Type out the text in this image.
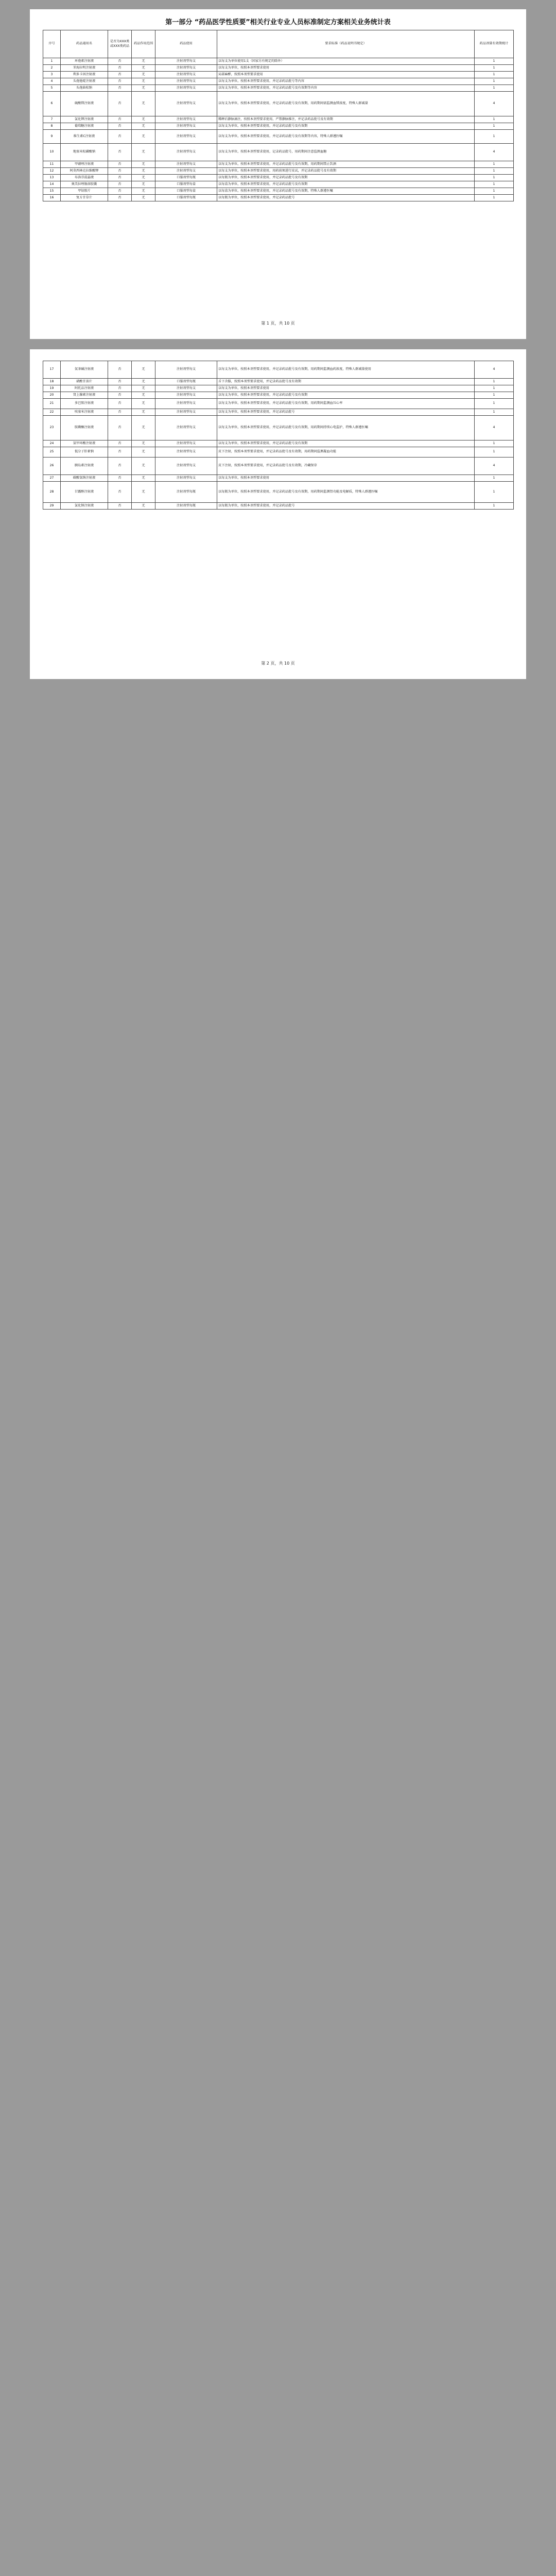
第一部分 “药品医学性质要”相关行业专业人员标准制定方案相关业务统计表
序号	药品通用名	是否为XXX类或XXX类药品	药品作用范围	药品使用	要求标准（药品说明书规定）	药品剂量有效期统计
1	环孢素注射液	否	无	注射剂型每支	以每支为单位使用1支（国家另有规定的除外）	1
2	苯海拉明注射液	否	无	注射剂型每支	以每支为单位，按照本剂型要求使用	1
3	利多卡因注射液	否	无	注射剂型每支	局部麻醉，按照本剂型要求使用	1
4	头孢他啶注射液	否	无	注射剂型每支	以每支为单位，按照本剂型要求使用，并记录药品批号等内容	1
5	头孢曲松钠	否	无	注射剂型每支	以每支为单位，按照本剂型要求使用，并记录药品批号及有效期等内容	1
6	硫酸镁注射液	否	无	注射剂型每支	以每支为单位，按照本剂型要求使用，并记录药品批号及有效期，用药期间需监测血镁浓度，特殊人群减量	4
7	氯化钾注射液	否	无	注射剂型每支	稀释后静脉滴注，按照本剂型要求使用，严禁静脉推注，并记录药品批号及有效期	1
8	葡萄糖注射液	否	无	注射剂型每支	以每支为单位，按照本剂型要求使用，并记录药品批号及有效期	1
9	维生素C注射液	否	无	注射剂型每支	以每支为单位，按照本剂型要求使用，并记录药品批号及有效期等内容，特殊人群遵医嘱	1
10	地塞米松磷酸钠	否	无	注射剂型每支	以每支为单位，按照本剂型要求使用，记录药品批号，用药期间注意监测血糖	4
11	甲硝唑注射液	否	无	注射剂型每支	以每支为单位，按照本剂型要求使用，并记录药品批号及有效期，用药期间禁止饮酒	1
12	阿莫西林克拉维酸钾	否	无	注射剂型每支	以每支为单位，按照本剂型要求使用，用药前须进行皮试，并记录药品批号及有效期	1
13	布洛芬混悬液	否	无	口服剂型每瓶	以每瓶为单位，按照本剂型要求使用，并记录药品批号及有效期	1
14	奥美拉唑肠溶胶囊	否	无	口服剂型每盒	以每盒为单位，按照本剂型要求使用，并记录药品批号及有效期	1
15	甲钴胺片	否	无	口服剂型每盒	以每盒为单位，按照本剂型要求使用，并记录药品批号及有效期，特殊人群遵医嘱	1
16	复方甘草片	否	无	口服剂型每瓶	以每瓶为单位，按照本剂型要求使用，并记录药品批号	1
第 1 页，共 10 页
17	氨茶碱注射液	否	无	注射剂型每支	以每支为单位，按照本剂型要求使用，并记录药品批号及有效期，用药期间监测血药浓度，特殊人群减量使用	4
18	硝酸甘油片	否	无	口服剂型每瓶	舌下含服，按照本剂型要求使用，并记录药品批号及有效期	1
19	阿托品注射液	否	无	注射剂型每支	以每支为单位，按照本剂型要求使用	1
20	肾上腺素注射液	否	无	注射剂型每支	以每支为单位，按照本剂型要求使用，并记录药品批号及有效期	1
21	多巴胺注射液	否	无	注射剂型每支	以每支为单位，按照本剂型要求使用，并记录药品批号及有效期，用药期间监测血压心率	1
22	呋塞米注射液	否	无	注射剂型每支	以每支为单位，按照本剂型要求使用，并记录药品批号	1
23	胺碘酮注射液	否	无	注射剂型每支	以每支为单位，按照本剂型要求使用，并记录药品批号及有效期，用药期间持续心电监护，特殊人群遵医嘱	4
24	氨甲环酸注射液	否	无	注射剂型每支	以每支为单位，按照本剂型要求使用，并记录药品批号及有效期	1
25	低分子肝素钠	否	无	注射剂型每支	皮下注射，按照本剂型要求使用，并记录药品批号及有效期，用药期间监测凝血功能	1
26	胰岛素注射液	否	无	注射剂型每支	皮下注射，按照本剂型要求使用，并记录药品批号及有效期，冷藏保存	4
27	碳酸氢钠注射液	否	无	注射剂型每支	以每支为单位，按照本剂型要求使用	1
28	甘露醇注射液	否	无	注射剂型每瓶	以每瓶为单位，按照本剂型要求使用，并记录药品批号及有效期，用药期间监测肾功能及电解质，特殊人群遵医嘱	1
29	氯化钠注射液	否	无	注射剂型每瓶	以每瓶为单位，按照本剂型要求使用，并记录药品批号	1
第 2 页，共 10 页
